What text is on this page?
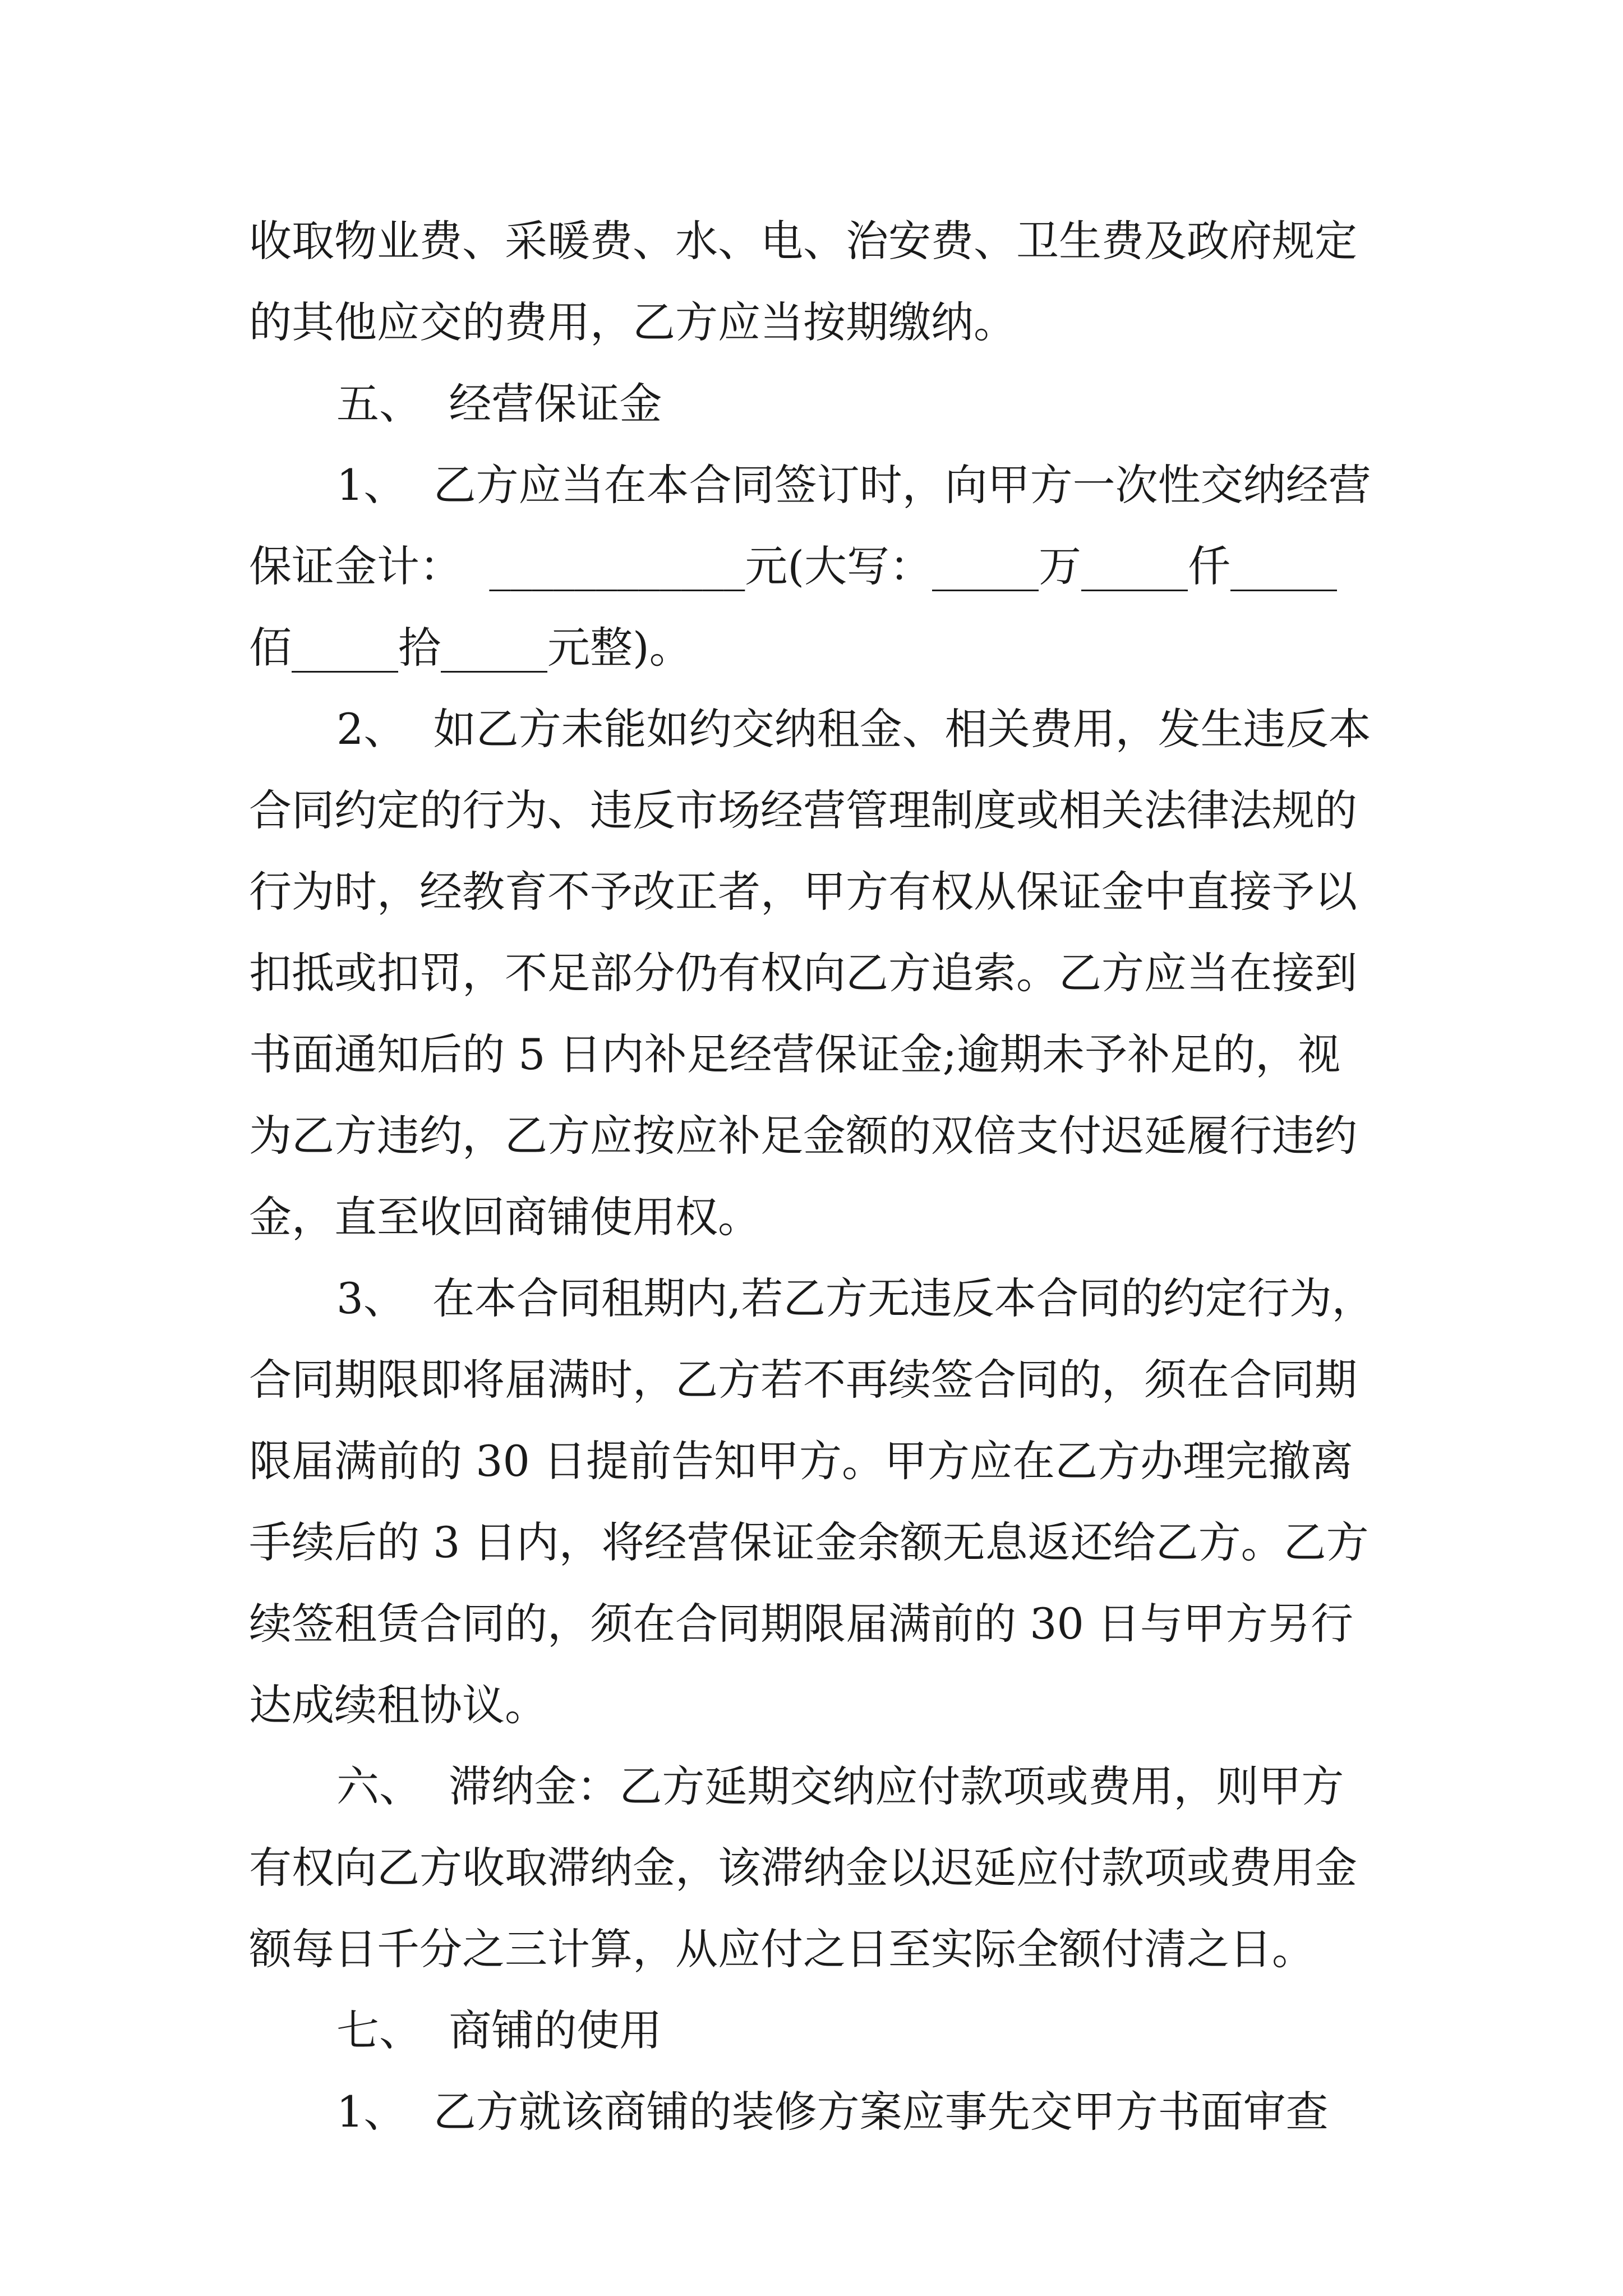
收取物业费、采暖费、水、电、治安费、卫生费及政府规定
的其他应交的费用，乙方应当按期缴纳。
五、  经营保证金
1、  乙方应当在本合同签订时，向甲方一次性交纳经营
保证金计：  ____________元(大写：_____万_____仟_____
佰_____拾_____元整)。
2、  如乙方未能如约交纳租金、相关费用，发生违反本
合同约定的行为、违反市场经营管理制度或相关法律法规的
行为时，经教育不予改正者，甲方有权从保证金中直接予以
扣抵或扣罚，不足部分仍有权向乙方追索。乙方应当在接到
书面通知后的 5 日内补足经营保证金;逾期未予补足的，视
为乙方违约，乙方应按应补足金额的双倍支付迟延履行违约
金，直至收回商铺使用权。
3、  在本合同租期内,若乙方无违反本合同的约定行为，
合同期限即将届满时，乙方若不再续签合同的，须在合同期
限届满前的 30 日提前告知甲方。甲方应在乙方办理完撤离
手续后的 3 日内，将经营保证金余额无息返还给乙方。乙方
续签租赁合同的，须在合同期限届满前的 30 日与甲方另行
达成续租协议。
六、  滞纳金：乙方延期交纳应付款项或费用，则甲方
有权向乙方收取滞纳金，该滞纳金以迟延应付款项或费用金
额每日千分之三计算，从应付之日至实际全额付清之日。
七、  商铺的使用
1、  乙方就该商铺的装修方案应事先交甲方书面审查
